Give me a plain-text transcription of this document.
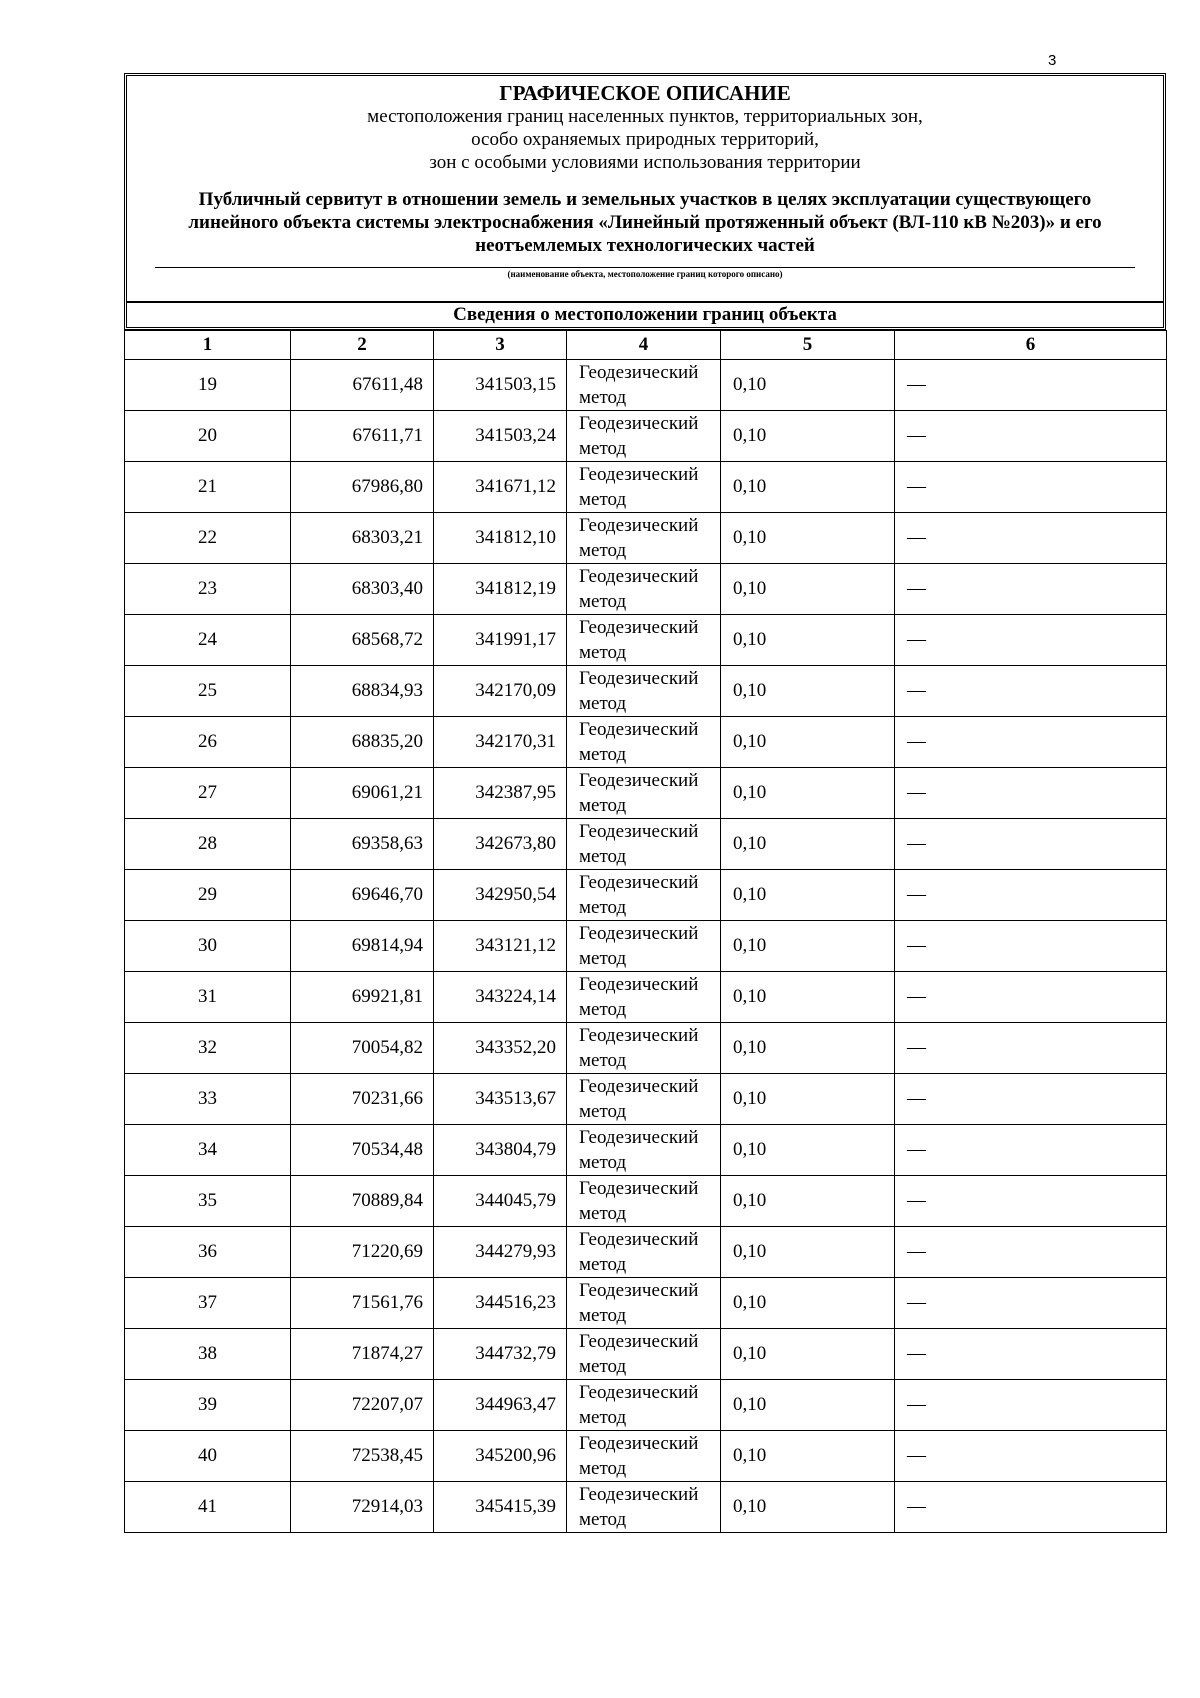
3
ГРАФИЧЕСКОЕ ОПИСАНИЕ
местоположения границ населенных пунктов, территориальных зон,
особо охраняемых природных территорий,
зон с особыми условиями использования территории
Публичный сервитут в отношении земель и земельных участков в целях эксплуатации существующего линейного объекта системы электроснабжения «Линейный протяженный объект (ВЛ-110 кВ №203)» и его неотъемлемых технологических частей
(наименование объекта, местоположение границ которого описано)
Сведения о местоположении границ объекта
1	2	3	4	5	6
19	67611,48	341503,15	Геодезический метод	0,10	—
20	67611,71	341503,24	Геодезический метод	0,10	—
21	67986,80	341671,12	Геодезический метод	0,10	—
22	68303,21	341812,10	Геодезический метод	0,10	—
23	68303,40	341812,19	Геодезический метод	0,10	—
24	68568,72	341991,17	Геодезический метод	0,10	—
25	68834,93	342170,09	Геодезический метод	0,10	—
26	68835,20	342170,31	Геодезический метод	0,10	—
27	69061,21	342387,95	Геодезический метод	0,10	—
28	69358,63	342673,80	Геодезический метод	0,10	—
29	69646,70	342950,54	Геодезический метод	0,10	—
30	69814,94	343121,12	Геодезический метод	0,10	—
31	69921,81	343224,14	Геодезический метод	0,10	—
32	70054,82	343352,20	Геодезический метод	0,10	—
33	70231,66	343513,67	Геодезический метод	0,10	—
34	70534,48	343804,79	Геодезический метод	0,10	—
35	70889,84	344045,79	Геодезический метод	0,10	—
36	71220,69	344279,93	Геодезический метод	0,10	—
37	71561,76	344516,23	Геодезический метод	0,10	—
38	71874,27	344732,79	Геодезический метод	0,10	—
39	72207,07	344963,47	Геодезический метод	0,10	—
40	72538,45	345200,96	Геодезический метод	0,10	—
41	72914,03	345415,39	Геодезический метод	0,10	—
